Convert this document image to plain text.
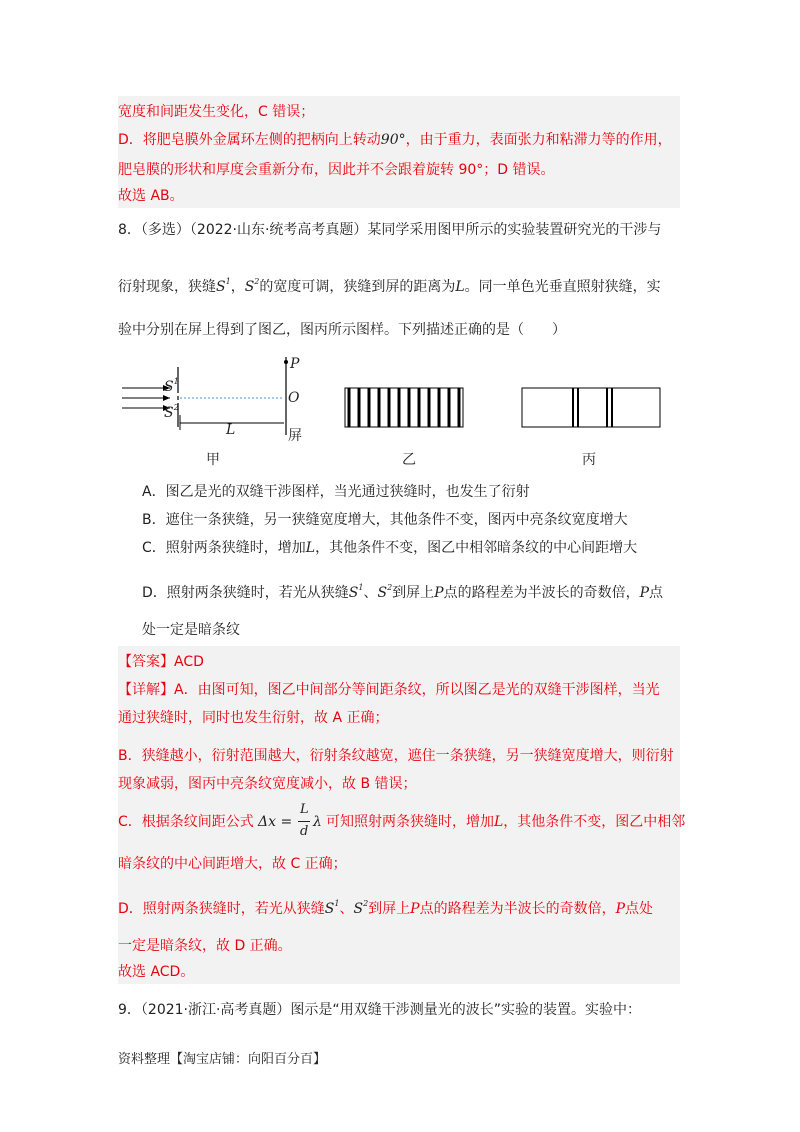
宽度和间距发生变化，C 错误；
D．将肥皂膜外金属环左侧的把柄向上转动90°，由于重力，表面张力和粘滞力等的作用，
肥皂膜的形状和厚度会重新分布，因此并不会跟着旋转 90°；D 错误。
故选 AB。
8．（多选）（2022·山东·统考高考真题）某同学采用图甲所示的实验装置研究光的干涉与
衍射现象，狭缝$S^1$，$S^2$的宽度可调，狭缝到屏的距离为L。同一单色光垂直照射狭缝，实
验中分别在屏上得到了图乙，图丙所示图样。下列描述正确的是（　　）
$S^1$
$S^2$
P
O
L	屏
甲	乙	丙
A．图乙是光的双缝干涉图样，当光通过狭缝时，也发生了衍射
B．遮住一条狭缝，另一狭缝宽度增大，其他条件不变，图丙中亮条纹宽度增大
C．照射两条狭缝时，增加L，其他条件不变，图乙中相邻暗条纹的中心间距增大
D．照射两条狭缝时，若光从狭缝$S^1$、$S^2$到屏上P点的路程差为半波长的奇数倍，P点
处一定是暗条纹
【答案】ACD
【详解】A．由图可知，图乙中间部分等间距条纹，所以图乙是光的双缝干涉图样，当光
通过狭缝时，同时也发生衍射，故 A 正确；
B．狭缝越小，衍射范围越大，衍射条纹越宽，遮住一条狭缝，另一狭缝宽度增大，则衍射
现象减弱，图丙中亮条纹宽度减小，故 B 错误；
C．根据条纹间距公式 Δx =
L
d
λ 可知照射两条狭缝时，增加L，其他条件不变，图乙中相邻
暗条纹的中心间距增大，故 C 正确；
D．照射两条狭缝时，若光从狭缝$S^1$、$S^2$到屏上P点的路程差为半波长的奇数倍，P点处
一定是暗条纹，故 D 正确。
故选 ACD。
9．（2021·浙江·高考真题）图示是“用双缝干涉测量光的波长”实验的装置。实验中：
资料整理【淘宝店铺：向阳百分百】
